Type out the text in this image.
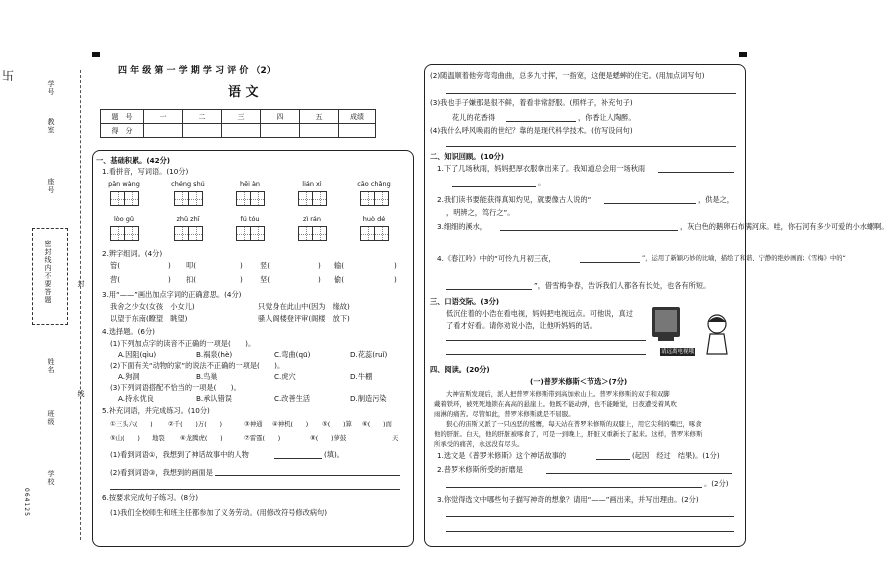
卐
学号
教室
座号
密封线内不要答题	封
姓名
线
班级
学校
064125
四 年 级 第 一 学 期 学 习 评 价 （2）
语 文
题　号	一	二	三	四	五	成绩
得　分						
一、基础积累。(42分)
1.看拼音，写词语。(10分)
pān wàng	chéng shú	hēi àn	lián xì	cāo chǎng
lòo gǔ	zhǔ zhī	fú tóu	zì rán	huò dé
2.辨字组词。(4分)
管(	) 叩(	) 竖(	) 输(	)
营(	) 扣(	) 坚(	) 偷(	)
3.用“——”画出加点字词的正确意思。(4分)
我舍之少女(女孩　小女儿)	只觉身在此山中(因为　缘故)
以望于东南(瞭望　眺望)	骚人阁楼登评审(阁楼　放下)
4.选择题。(6分)
(1)下列加点字的读音不正确的一项是(　　)。
A.因阻(qìu)	B.祸泉(hè)	C.弯曲(qū)	D.花蕊(ruǐ)
(2)下面有关“动物的家”的说法不正确的一项是(　　)。
A.狗洞	B.鸟巢	C.虎穴	D.牛棚
(3)下列词语搭配不恰当的一项是(　　)。
A.持永优良	B.承认错误	C.改善生活	D.制造污染
5.补充词语，并完成练习。(10分)
①三头六(　　) ②千(　　)万(　　)	③神通 ④神机(　　) ⑤(　　)算 ⑥(　　)而
⑤山(　　) 地裂 ⑥龙腾虎(　　)	⑦雷霆(　　)	⑧(　　)萝鼓	天
(1)看到词语①，我想到了神话故事中的人物	(填)。
(2)看到词语③，我想到的画面是
6.按要求完成句子练习。(8分)
(1)我们全校师生和班主任都参加了义务劳动。(用修改符号修改病句)
(2)随温顺着他旁弯弯曲曲，总多九寸挥，一指宽，这便是蟋蟀的住宅。(用加点词写句)
(3)我也手子嫌那是很不鲜，着看非常舒服。(照样子，补充句子)
花儿的花香得	，你香让人陶醉。
(4)我什么呼风唤雨的世纪？靠的是现代科学技术。(仿写设问句)
二、知识回顾。(10分)
1.下了几场秋雨，妈妈把厚衣服拿出来了。我知道总会用一场秋雨
。
2.我们读书要能获得真知灼见，就要像古人说的“	，供是之，
，明辨之，笃行之”。
3.细细的溪水，	，灰白色的鹅卵石布满河床。哇，你石河有多少可爱的小水螺啊。
4.《春江吟》中的“可怜九月初三夜，	”，运用了新颖巧妙的比喻，描绘了和谐、宁静的绝妙画面;《雪梅》中的“
”，借雪梅争春，告诉我们人都各有长处，也各有所短。
三、口语交际。(3分)
低沉住着的小浩在看电视，妈妈把电视远点。可他说，真过
了看才好看。请你劝说小浩，让他听妈妈的话。
请远离电视哦
四、阅读。(20分)
(一)普罗米修斯＜节选＞(7分)
大神宙斯发现后，派人把普罗米修斯带到高加索山上。普罗米修斯的双手和双脚
戴着铁环，被死死地锁在高高的悬崖上。他既不能动弹，也不能睡觉，日夜遭受着风吹
雨淋的痛苦。尽管如此，普罗米修斯就是不屈服。
狠心的宙斯又派了一只凶恶的鹫鹰，每天站在普罗米修斯的双膝上，用它尖利的嘴巴，啄食
他的肝脏。白天，他的肝脏被啄食了，可是一到晚上，肝脏又重新长了起来。这样，普罗米修斯
所承受的痛苦，永远没有尽头。
1.选文是《普罗米修斯》这个神话故事的	(起因　经过　结果)。(1分)
2.普罗米修斯所受的折磨是
。(2分)
3.你觉得选文中哪些句子描写神奇的想象？请用“——”画出来，并写出理由。(2分)
